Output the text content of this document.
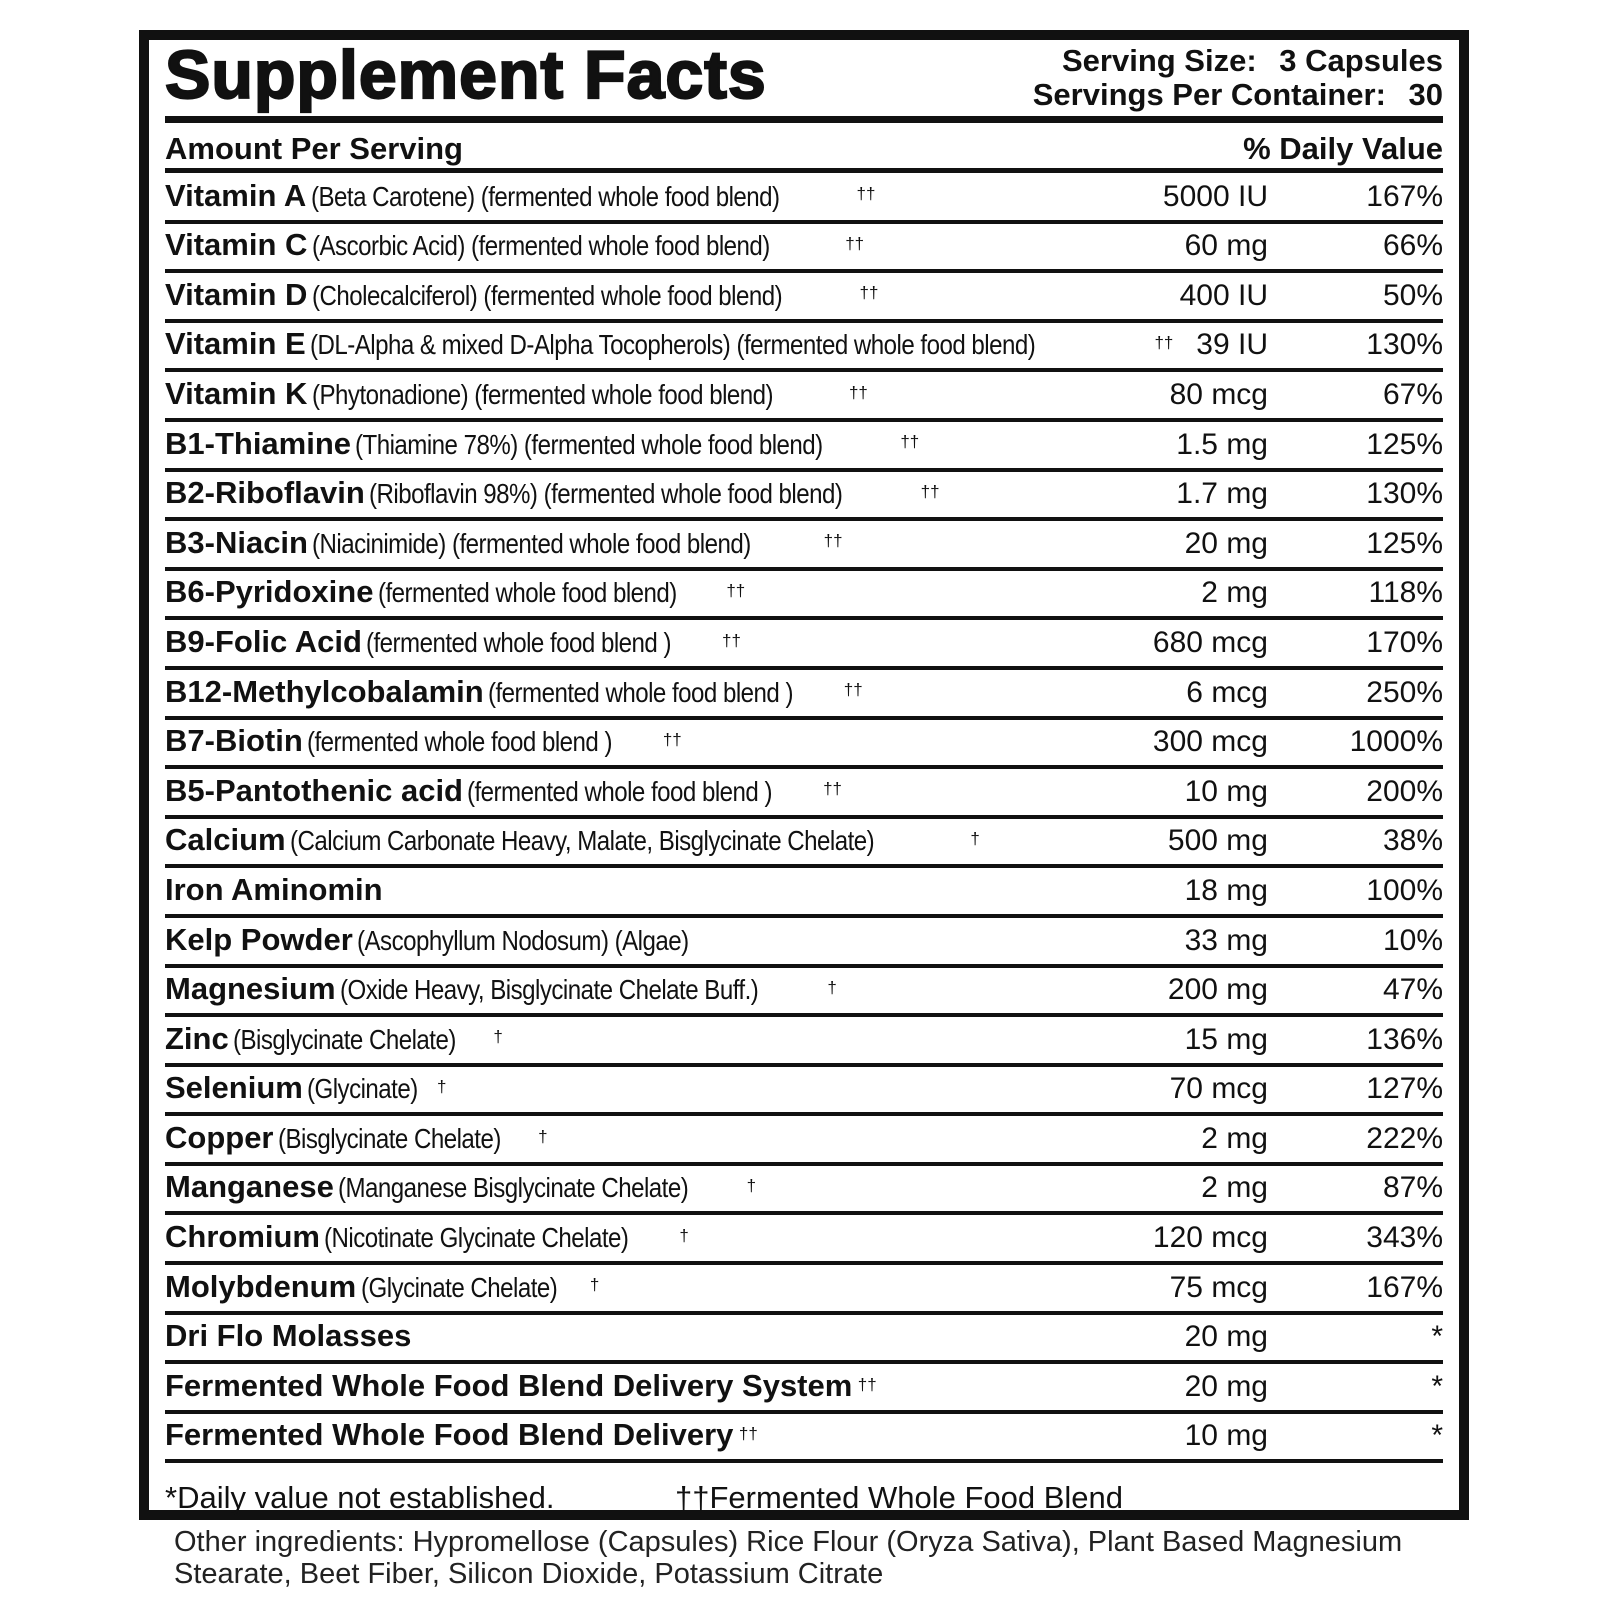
Supplement Facts	Serving Size: 3 Capsules
Servings Per Container: 30
Amount Per Serving	% Daily Value
Vitamin A (Beta Carotene) (fermented whole food blend)	††	5000 IU	167%
Vitamin C (Ascorbic Acid) (fermented whole food blend)	††	60 mg	66%
Vitamin D (Cholecalciferol) (fermented whole food blend)	††	400 IU	50%
Vitamin E (DL-Alpha & mixed D-Alpha Tocopherols) (fermented whole food blend)	†† 39 IU	130%
Vitamin K (Phytonadione) (fermented whole food blend)	††	80 mcg	67%
B1-Thiamine (Thiamine 78%) (fermented whole food blend)	††	1.5 mg	125%
B2-Riboflavin (Riboflavin 98%) (fermented whole food blend)	††	1.7 mg	130%
B3-Niacin (Niacinimide) (fermented whole food blend)	††	20 mg	125%
B6-Pyridoxine (fermented whole food blend)	††	2 mg	118%
B9-Folic Acid (fermented whole food blend )	††	680 mcg	170%
B12-Methylcobalamin (fermented whole food blend )	††	6 mcg	250%
B7-Biotin (fermented whole food blend )	††	300 mcg	1000%
B5-Pantothenic acid (fermented whole food blend )	††	10 mg	200%
Calcium (Calcium Carbonate Heavy, Malate, Bisglycinate Chelate)	†	500 mg	38%
Iron Aminomin	18 mg	100%
Kelp Powder (Ascophyllum Nodosum) (Algae)	33 mg	10%
Magnesium (Oxide Heavy, Bisglycinate Chelate Buff.)	†	200 mg	47%
Zinc (Bisglycinate Chelate) †	15 mg	136%
Selenium (Glycinate) †	70 mcg	127%
Copper (Bisglycinate Chelate) †	2 mg	222%
Manganese (Manganese Bisglycinate Chelate)	†	2 mg	87%
Chromium (Nicotinate Glycinate Chelate)	†	120 mcg	343%
Molybdenum (Glycinate Chelate) †	75 mcg	167%
Dri Flo Molasses	20 mg	*
Fermented Whole Food Blend Delivery System ††	20 mg	*
Fermented Whole Food Blend Delivery ††	10 mg	*
*Daily value not established.	††Fermented Whole Food Blend
Other ingredients: Hypromellose (Capsules) Rice Flour (Oryza Sativa), Plant Based Magnesium Stearate, Beet Fiber, Silicon Dioxide, Potassium Citrate
